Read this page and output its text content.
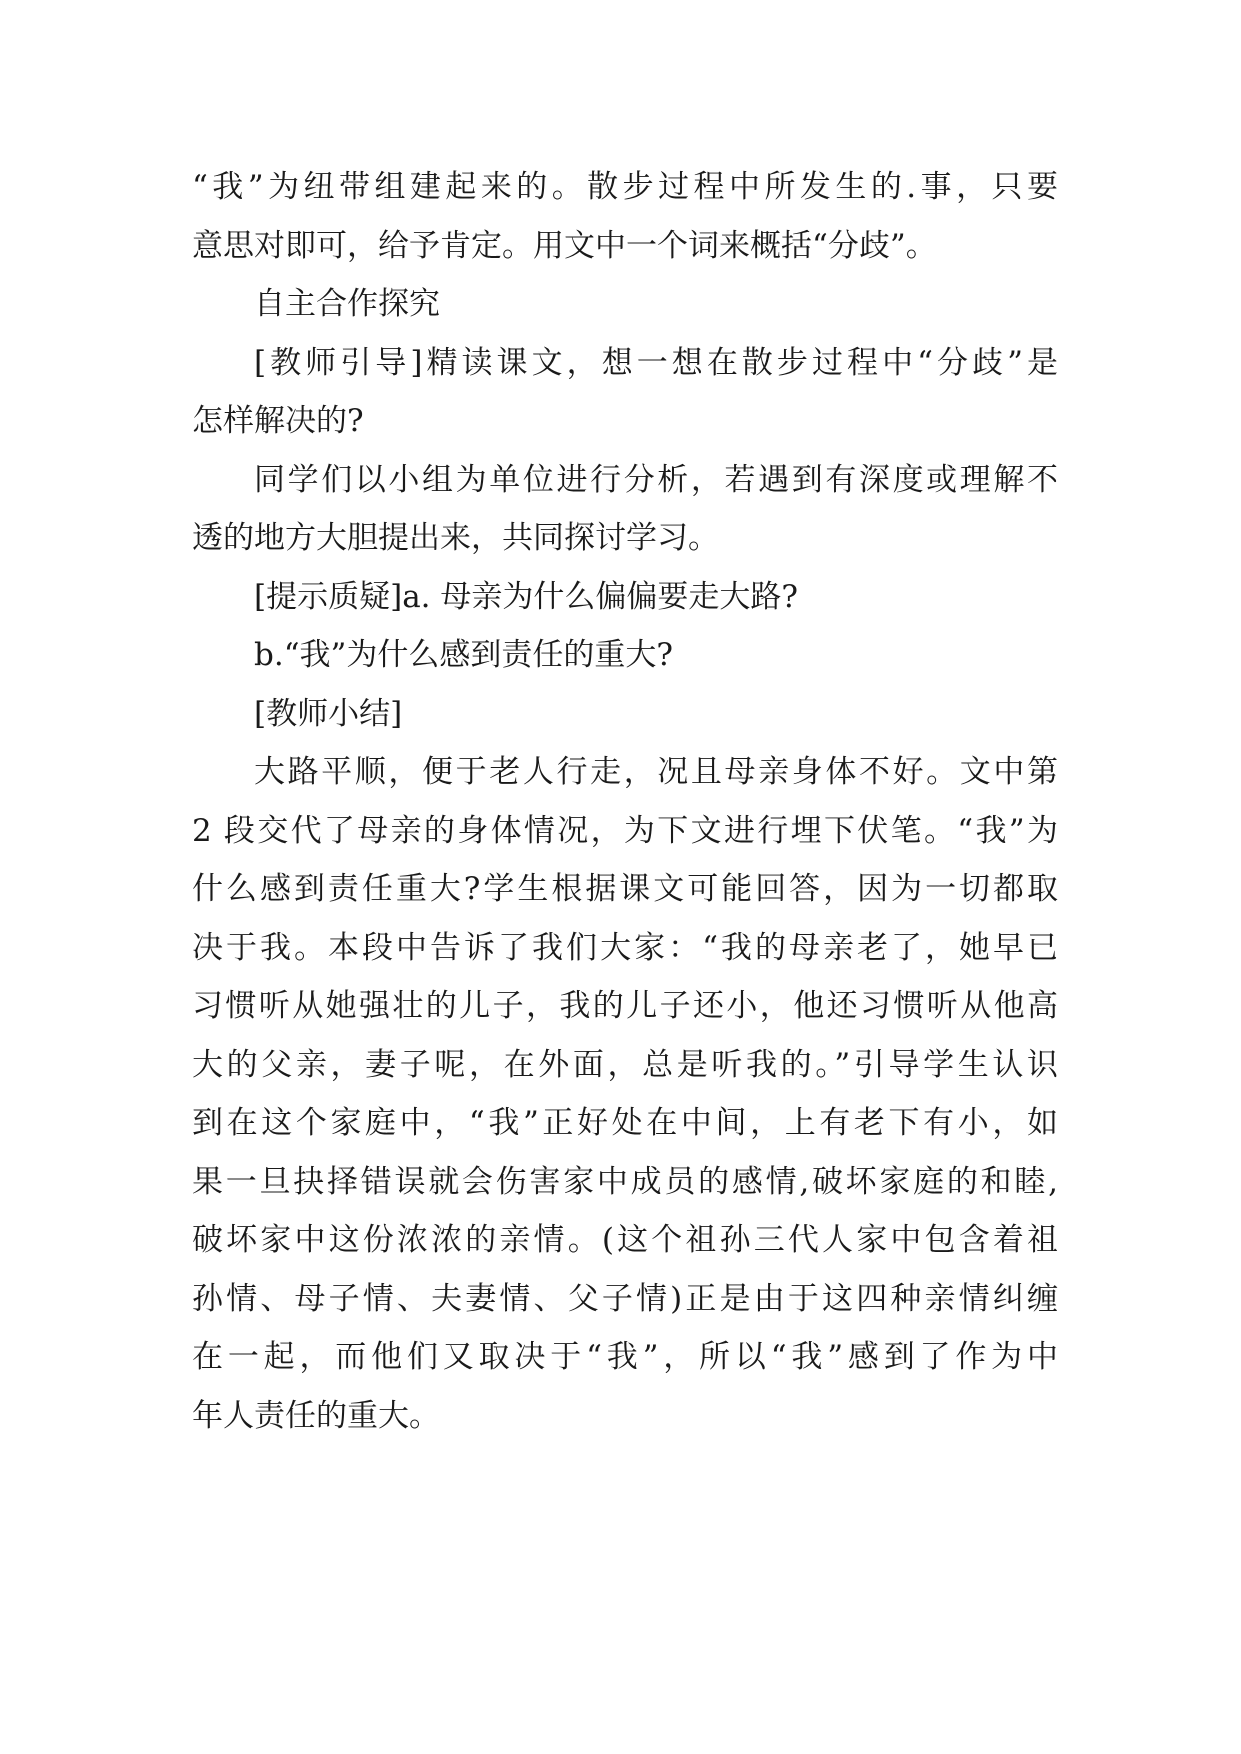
“我”为纽带组建起来的。散步过程中所发生的.事，只要
意思对即可，给予肯定。用文中一个词来概括“分歧”。
自主合作探究
[教师引导]精读课文，想一想在散步过程中“分歧”是
怎样解决的?
同学们以小组为单位进行分析，若遇到有深度或理解不
透的地方大胆提出来，共同探讨学习。
[提示质疑]a. 母亲为什么偏偏要走大路?
b.“我”为什么感到责任的重大?
[教师小结]
大路平顺，便于老人行走，况且母亲身体不好。文中第
2 段交代了母亲的身体情况，为下文进行埋下伏笔。“我”为
什么感到责任重大?学生根据课文可能回答，因为一切都取
决于我。本段中告诉了我们大家：“我的母亲老了，她早已
习惯听从她强壮的儿子，我的儿子还小，他还习惯听从他高
大的父亲，妻子呢，在外面，总是听我的。”引导学生认识
到在这个家庭中，“我”正好处在中间，上有老下有小，如
果一旦抉择错误就会伤害家中成员的感情,破坏家庭的和睦,
破坏家中这份浓浓的亲情。(这个祖孙三代人家中包含着祖
孙情、母子情、夫妻情、父子情)正是由于这四种亲情纠缠
在一起，而他们又取决于“我”，所以“我”感到了作为中
年人责任的重大。
